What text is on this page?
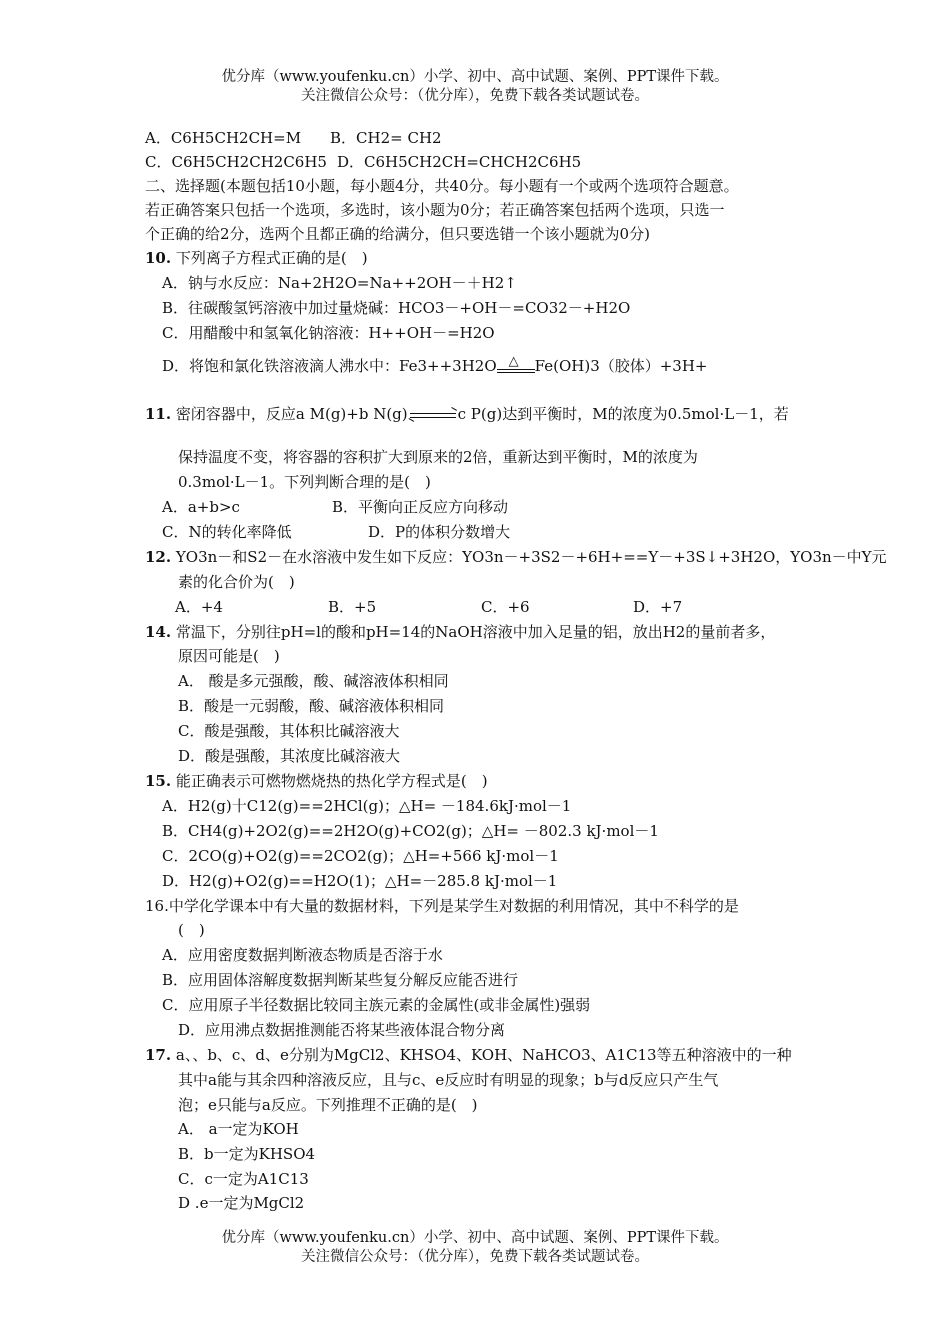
优分库（www.youfenku.cn）小学、初中、高中试题、案例、PPT课件下载。
关注微信公众号：（优分库），免费下载各类试题试卷。
A．C6H5CH2CH=M B．CH2= CH2
C．C6H5CH2CH2C6H5 D．C6H5CH2CH=CHCH2C6H5
二、选择题(本题包括10小题，每小题4分，共40分。每小题有一个或两个选项符合题意。
若正确答案只包括一个选项，多选时，该小题为0分；若正确答案包括两个选项，只选一
个正确的给2分，选两个且都正确的给满分，但只要选错一个该小题就为0分)
10. 下列离子方程式正确的是(　)
A．钠与水反应：Na+2H2O=Na++2OH－＋H2↑
B．往碳酸氢钙溶液中加过量烧碱：HCO3－+OH－=CO32－+H2O
C．用醋酸中和氢氧化钠溶液：H++OH－=H2O
D．将饱和氯化铁溶液滴人沸水中：Fe3++3H2O △ Fe(OH)3（胶体）+3H+
11. 密闭容器中，反应a M(g)+b N(g)	c P(g)达到平衡时，M的浓度为0.5mol·L－1，若
保持温度不变，将容器的容积扩大到原来的2倍，重新达到平衡时，M的浓度为
0.3mol·L－1。下列判断合理的是(　)
A．a+b>c	B．平衡向正反应方向移动
C．N的转化率降低	D．P的体积分数增大
12. YO3n－和S2－在水溶液中发生如下反应：YO3n－+3S2－+6H+==Y－+3S↓+3H2O，YO3n－中Y元
素的化合价为(　)
A．+4	B．+5	C．+6	D．+7
14. 常温下，分别往pH=l的酸和pH=14的NaOH溶液中加入足量的铝，放出H2的量前者多，
原因可能是(　)
A． 酸是多元强酸，酸、碱溶液体积相同
B．酸是一元弱酸，酸、碱溶液体积相同
C．酸是强酸，其体积比碱溶液大
D．酸是强酸，其浓度比碱溶液大
15. 能正确表示可燃物燃烧热的热化学方程式是(　)
A．H2(g)十C12(g)==2HCl(g)；△H= －184.6kJ·mol－1
B．CH4(g)+2O2(g)==2H2O(g)+CO2(g)；△H= －802.3 kJ·mol－1
C．2CO(g)+O2(g)==2CO2(g)；△H=+566 kJ·mol－1
D．H2(g)+O2(g)==H2O(1)；△H=－285.8 kJ·mol－1
16.中学化学课本中有大量的数据材料，下列是某学生对数据的利用情况，其中不科学的是
(　)
A．应用密度数据判断液态物质是否溶于水
B．应用固体溶解度数据判断某些复分解反应能否进行
C．应用原子半径数据比较同主族元素的金属性(或非金属性)强弱
D．应用沸点数据推测能否将某些液体混合物分离
17. a、、b、c、d、e分别为MgCl2、KHSO4、KOH、NaHCO3、A1C13等五种溶液中的一种
其中a能与其余四种溶液反应，且与c、e反应时有明显的现象；b与d反应只产生气
泡；e只能与a反应。下列推理不正确的是(　)
A． a一定为KOH
B．b一定为KHSO4
C．c一定为A1C13
D .e一定为MgCl2
优分库（www.youfenku.cn）小学、初中、高中试题、案例、PPT课件下载。
关注微信公众号：（优分库），免费下载各类试题试卷。
